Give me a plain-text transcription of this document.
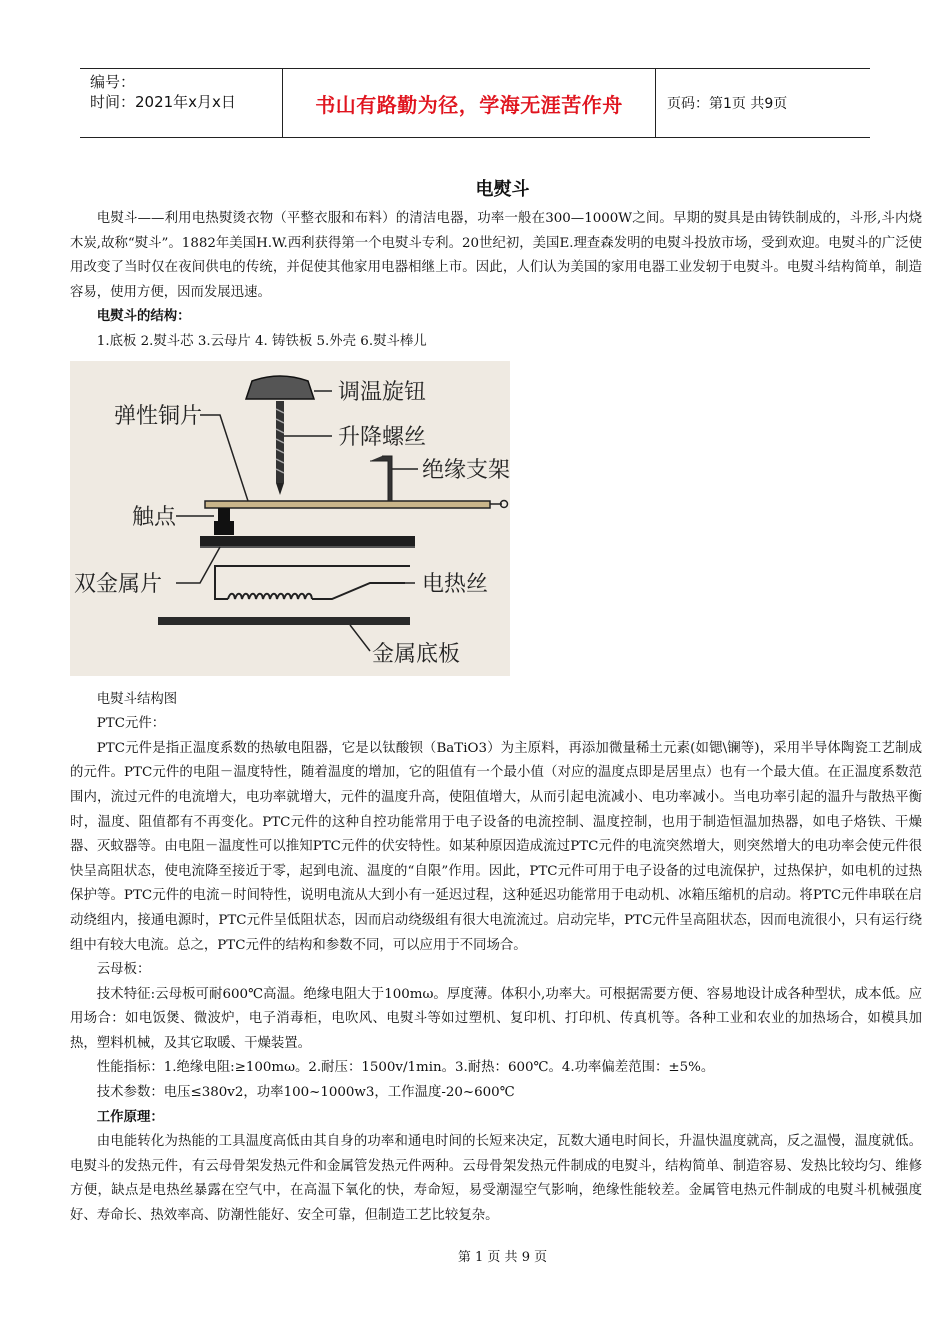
编号：
时间：2021年x月x日	书山有路勤为径，学海无涯苦作舟	页码：第1页 共9页
电熨斗

电熨斗——利用电热熨烫衣物（平整衣服和布料）的清洁电器，功率一般在300—1000W之间。早期的熨具是由铸铁制成的，斗形,斗内烧木炭,故称“熨斗”。1882年美国H.W.西利获得第一个电熨斗专利。20世纪初，美国E.理查森发明的电熨斗投放市场，受到欢迎。电熨斗的广泛使用改变了当时仅在夜间供电的传统，并促使其他家用电器相继上市。因此，人们认为美国的家用电器工业发轫于电熨斗。电熨斗结构简单，制造容易，使用方便，因而发展迅速。

电熨斗的结构：

1.底板 2.熨斗芯 3.云母片 4. 铸铁板 5.外壳 6.熨斗棒儿

调温旋钮
升降螺丝
绝缘支架
弹性铜片
触点
电热丝
双金属片
金属底板

电熨斗结构图

PTC元件：

PTC元件是指正温度系数的热敏电阻器，它是以钛酸钡（BaTiO3）为主原料，再添加微量稀土元素(如锶\镧等)，采用半导体陶瓷工艺制成的元件。PTC元件的电阻－温度特性，随着温度的增加，它的阻值有一个最小值（对应的温度点即是居里点）也有一个最大值。在正温度系数范围内，流过元件的电流增大，电功率就增大，元件的温度升高，使阻值增大，从而引起电流减小、电功率减小。当电功率引起的温升与散热平衡时，温度、阻值都有不再变化。PTC元件的这种自控功能常用于电子设备的电流控制、温度控制，也用于制造恒温加热器，如电子烙铁、干燥器、灭蚊器等。由电阻－温度性可以推知PTC元件的伏安特性。如某种原因造成流过PTC元件的电流突然增大，则突然增大的电功率会使元件很快呈高阻状态，使电流降至接近于零，起到电流、温度的“自限”作用。因此，PTC元件可用于电子设备的过电流保护，过热保护，如电机的过热保护等。PTC元件的电流－时间特性，说明电流从大到小有一延迟过程，这种延迟功能常用于电动机、冰箱压缩机的启动。将PTC元件串联在启动绕组内，接通电源时，PTC元件呈低阻状态，因而启动绕级组有很大电流流过。启动完毕，PTC元件呈高阻状态，因而电流很小，只有运行绕组中有较大电流。总之，PTC元件的结构和参数不同，可以应用于不同场合。

云母板：

技术特征:云母板可耐600℃高温。绝缘电阻大于100mω。厚度薄。体积小,功率大。可根据需要方便、容易地设计成各种型状，成本低。应用场合：如电饭煲、微波炉，电子消毒柜，电吹风、电熨斗等如过塑机、复印机、打印机、传真机等。各种工业和农业的加热场合，如模具加热，塑料机械，及其它取暖、干燥装置。

性能指标：1.绝缘电阻:≥100mω。2.耐压：1500v/1min。3.耐热：600℃。4.功率偏差范围：±5%。

技术参数：电压≤380v2，功率100~1000w3，工作温度-20~600℃

工作原理：

由电能转化为热能的工具温度高低由其自身的功率和通电时间的长短来决定，瓦数大通电时间长，升温快温度就高，反之温慢，温度就低。电熨斗的发热元件，有云母骨架发热元件和金属管发热元件两种。云母骨架发热元件制成的电熨斗，结构简单、制造容易、发热比较均匀、维修方便，缺点是电热丝暴露在空气中，在高温下氧化的快，寿命短，易受潮湿空气影响，绝缘性能较差。金属管电热元件制成的电熨斗机械强度好、寿命长、热效率高、防潮性能好、安全可靠，但制造工艺比较复杂。

第 1 页 共 9 页
